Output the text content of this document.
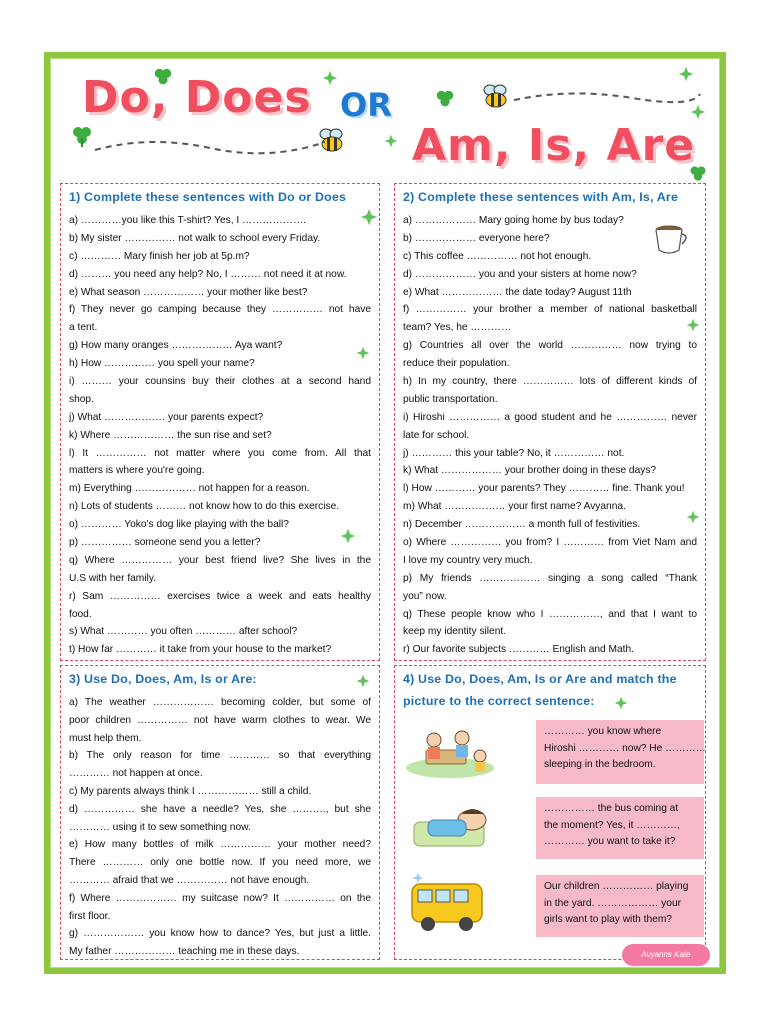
Do, Does OR
Am, Is, Are
1) Complete these sentences with Do or Does
a) …………you like this T-shirt? Yes, I ……………….
b) My sister …………… not walk to school every Friday.
c) ………… Mary finish her job at 5p.m?
d) ……… you need any help? No, I ……… not need it at now.
e) What season ……………… your mother like best?
f) They never go camping because they …………… not have
a tent.
g) How many oranges ……………… Aya want?
h) How …………… you spell your name?
i) ……… your counsins buy their clothes at a second hand
shop.
j) What ……………… your parents expect?
k) Where ……………… the sun rise and set?
l) It …………… not matter where you come from. All that
matters is where you're going.
m) Everything ……………… not happen for a reason.
n) Lots of students ……… not know how to do this exercise.
o) ………… Yoko's dog like playing with the ball?
p) …………… someone send you a letter?
q) Where …………… your best friend live? She lives in the
U.S with her family.
r) Sam …………… exercises twice a week and eats healthy
food.
s) What ………… you often ………… after school?
t) How far ………… it take from your house to the market?
2) Complete these sentences with Am, Is, Are
a) ……………… Mary going home by bus today?
b) ……………… everyone here?
c) This coffee …………… not hot enough.
d) ……………… you and your sisters at home now?
e) What ……………… the date today? August 11th
f) …………… your brother a member of national basketball
team? Yes, he …………
g) Countries all over the world …………… now trying to
reduce their population.
h) In my country, there …………… lots of different kinds of
public transportation.
i) Hiroshi …………… a good student and he …………… never
late for school.
j) ………… this your table? No, it …………… not.
k) What ……………… your brother doing in these days?
l) How ………… your parents? They ………… fine. Thank you!
m) What ……………… your first name? Avyanna.
n) December ……………… a month full of festivities.
o) Where …………… you from? I ………… from Viet Nam and
I love my country very much.
p) My friends ……………… singing a song called “Thank
you” now.
q) These people know who I ……………, and that I want to
keep my identity silent.
r) Our favorite subjects ………… English and Math.
3) Use Do, Does, Am, Is or Are:
a) The weather ……………… becoming colder, but some of
poor children …………… not have warm clothes to wear. We
must help them.
b) The only reason for time ………… so that everything
………… not happen at once.
c) My parents always think I ……………… still a child.
d) …………… she have a needle? Yes, she ………., but she
………… using it to sew something now.
e) How many bottles of milk …………… your mother need?
There ………… only one bottle now. If you need more, we
………… afraid that we …………… not have enough.
f) Where ……………… my suitcase now? It …………… on the
first floor.
g) ……………… you know how to dance? Yes, but just a little.
My father ……………… teaching me in these days.
4) Use Do, Does, Am, Is or Are and match the
picture to the correct sentence:
………… you know where
Hiroshi ………… now? He …………
sleeping in the bedroom.
…………… the bus coming at
the moment? Yes, it …………,
………… you want to take it?
Our children …………… playing
in the yard. ……………… your
girls want to play with them?
Avyanns Kate
